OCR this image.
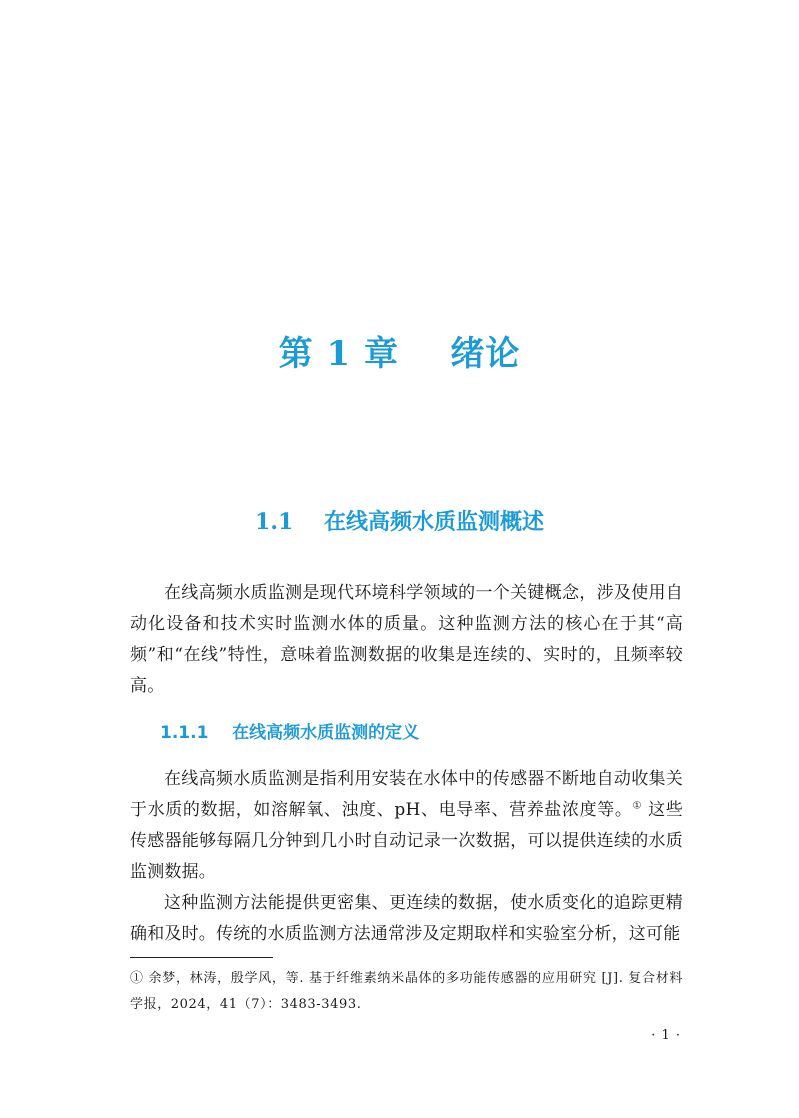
第 1 章    绪论
1.1    在线高频水质监测概述

在线高频水质监测是现代环境科学领域的一个关键概念，涉及使用自动化设备和技术实时监测水体的质量。这种监测方法的核心在于其“高频”和“在线”特性，意味着监测数据的收集是连续的、实时的，且频率较高。

1.1.1    在线高频水质监测的定义

在线高频水质监测是指利用安装在水体中的传感器不断地自动收集关于水质的数据，如溶解氧、浊度、pH、电导率、营养盐浓度等。① 这些传感器能够每隔几分钟到几小时自动记录一次数据，可以提供连续的水质监测数据。

这种监测方法能提供更密集、更连续的数据，使水质变化的追踪更精确和及时。传统的水质监测方法通常涉及定期取样和实验室分析，这可能

① 余梦，林涛，殷学风，等. 基于纤维素纳米晶体的多功能传感器的应用研究 [J]. 复合材料学报，2024，41（7）：3483-3493.

· 1 ·
